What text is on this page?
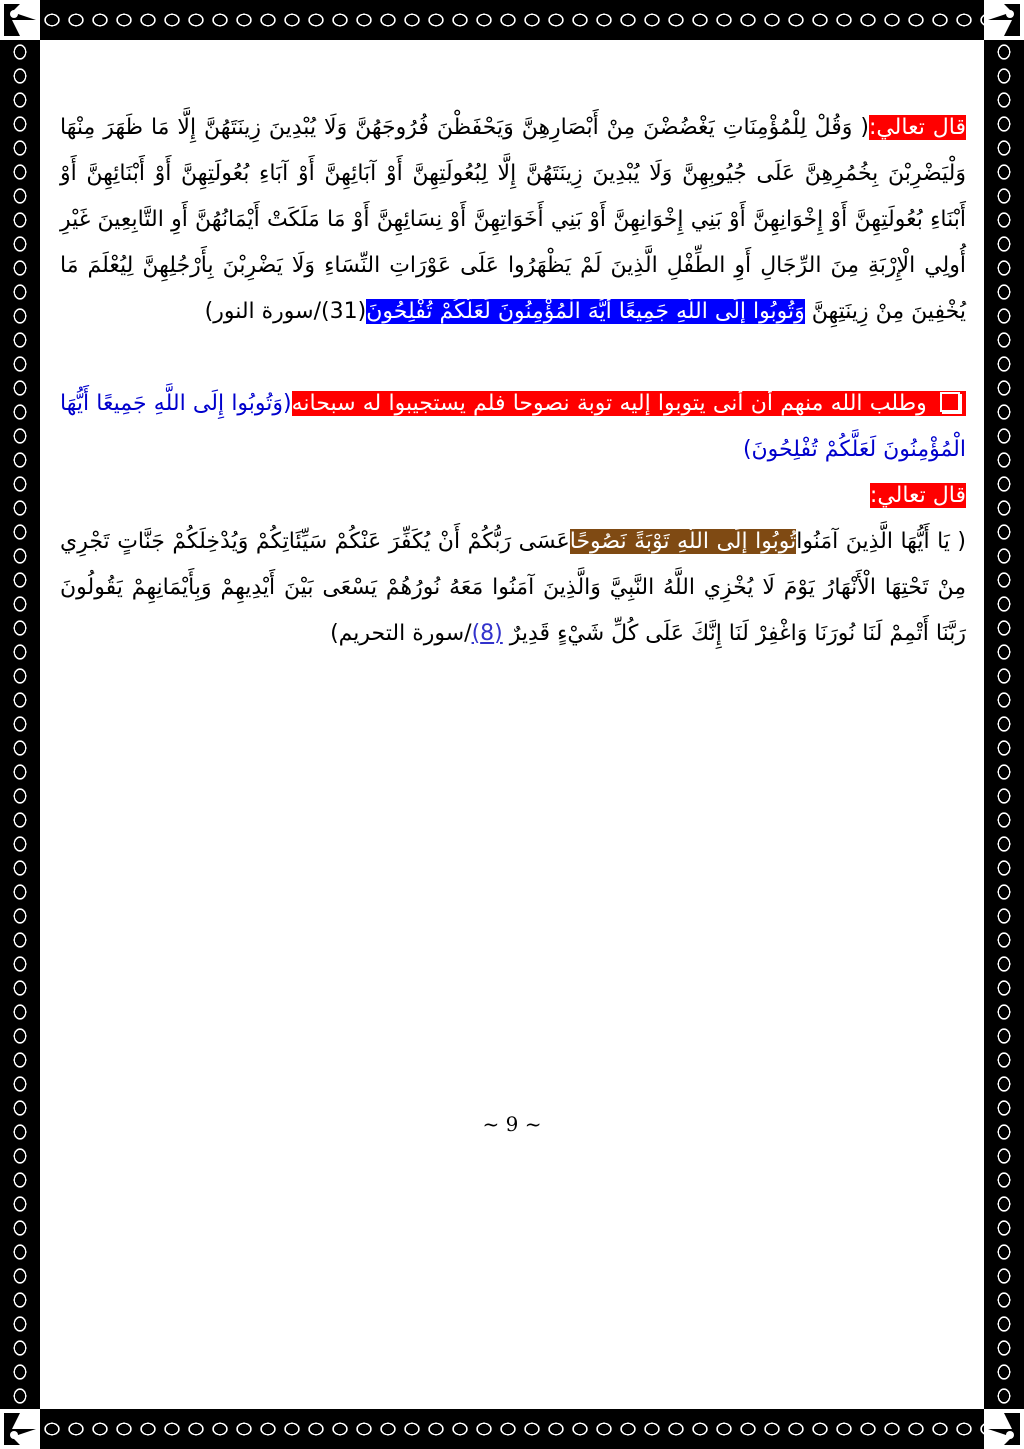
قال تعالي:( وَقُلْ لِلْمُؤْمِنَاتِ يَغْضُضْنَ مِنْ أَبْصَارِهِنَّ وَيَحْفَظْنَ فُرُوجَهُنَّ وَلَا يُبْدِينَ زِينَتَهُنَّ إِلَّا مَا ظَهَرَ مِنْهَا وَلْيَضْرِبْنَ بِخُمُرِهِنَّ عَلَى جُيُوبِهِنَّ وَلَا يُبْدِينَ زِينَتَهُنَّ إِلَّا لِبُعُولَتِهِنَّ أَوْ آبَائِهِنَّ أَوْ آبَاءِ بُعُولَتِهِنَّ أَوْ أَبْنَائِهِنَّ أَوْ أَبْنَاءِ بُعُولَتِهِنَّ أَوْ إِخْوَانِهِنَّ أَوْ بَنِي إِخْوَانِهِنَّ أَوْ بَنِي أَخَوَاتِهِنَّ أَوْ نِسَائِهِنَّ أَوْ مَا مَلَكَتْ أَيْمَانُهُنَّ أَوِ التَّابِعِينَ غَيْرِ أُولِي الْإِرْبَةِ مِنَ الرِّجَالِ أَوِ الطِّفْلِ الَّذِينَ لَمْ يَظْهَرُوا عَلَى عَوْرَاتِ النِّسَاءِ وَلَا يَضْرِبْنَ بِأَرْجُلِهِنَّ لِيُعْلَمَ مَا يُخْفِينَ مِنْ زِينَتِهِنَّ وَتُوبُوا إِلَى اللَّهِ جَمِيعًا أَيُّهَ الْمُؤْمِنُونَ لَعَلَّكُمْ تُفْلِحُونَ(31)/سورة النور)

وطلب الله منهم أن أنى يتوبوا إليه توبة نصوحا فلم يستجيبوا له سبحانه(وَتُوبُوا إِلَى اللَّهِ جَمِيعًا أَيُّهَا الْمُؤْمِنُونَ لَعَلَّكُمْ تُفْلِحُونَ)

قال تعالي:
( يَا أَيُّهَا الَّذِينَ آمَنُواتُوبُوا إِلَى اللَّهِ تَوْبَةً نَصُوحًاعَسَى رَبُّكُمْ أَنْ يُكَفِّرَ عَنْكُمْ سَيِّئَاتِكُمْ وَيُدْخِلَكُمْ جَنَّاتٍ تَجْرِي مِنْ تَحْتِهَا الْأَنْهَارُ يَوْمَ لَا يُخْزِي اللَّهُ النَّبِيَّ وَالَّذِينَ آمَنُوا مَعَهُ نُورُهُمْ يَسْعَى بَيْنَ أَيْدِيهِمْ وَبِأَيْمَانِهِمْ يَقُولُونَ رَبَّنَا أَتْمِمْ لَنَا نُورَنَا وَاغْفِرْ لَنَا إِنَّكَ عَلَى كُلِّ شَيْءٍ قَدِيرٌ (8)/سورة التحريم)

~ 9 ~
